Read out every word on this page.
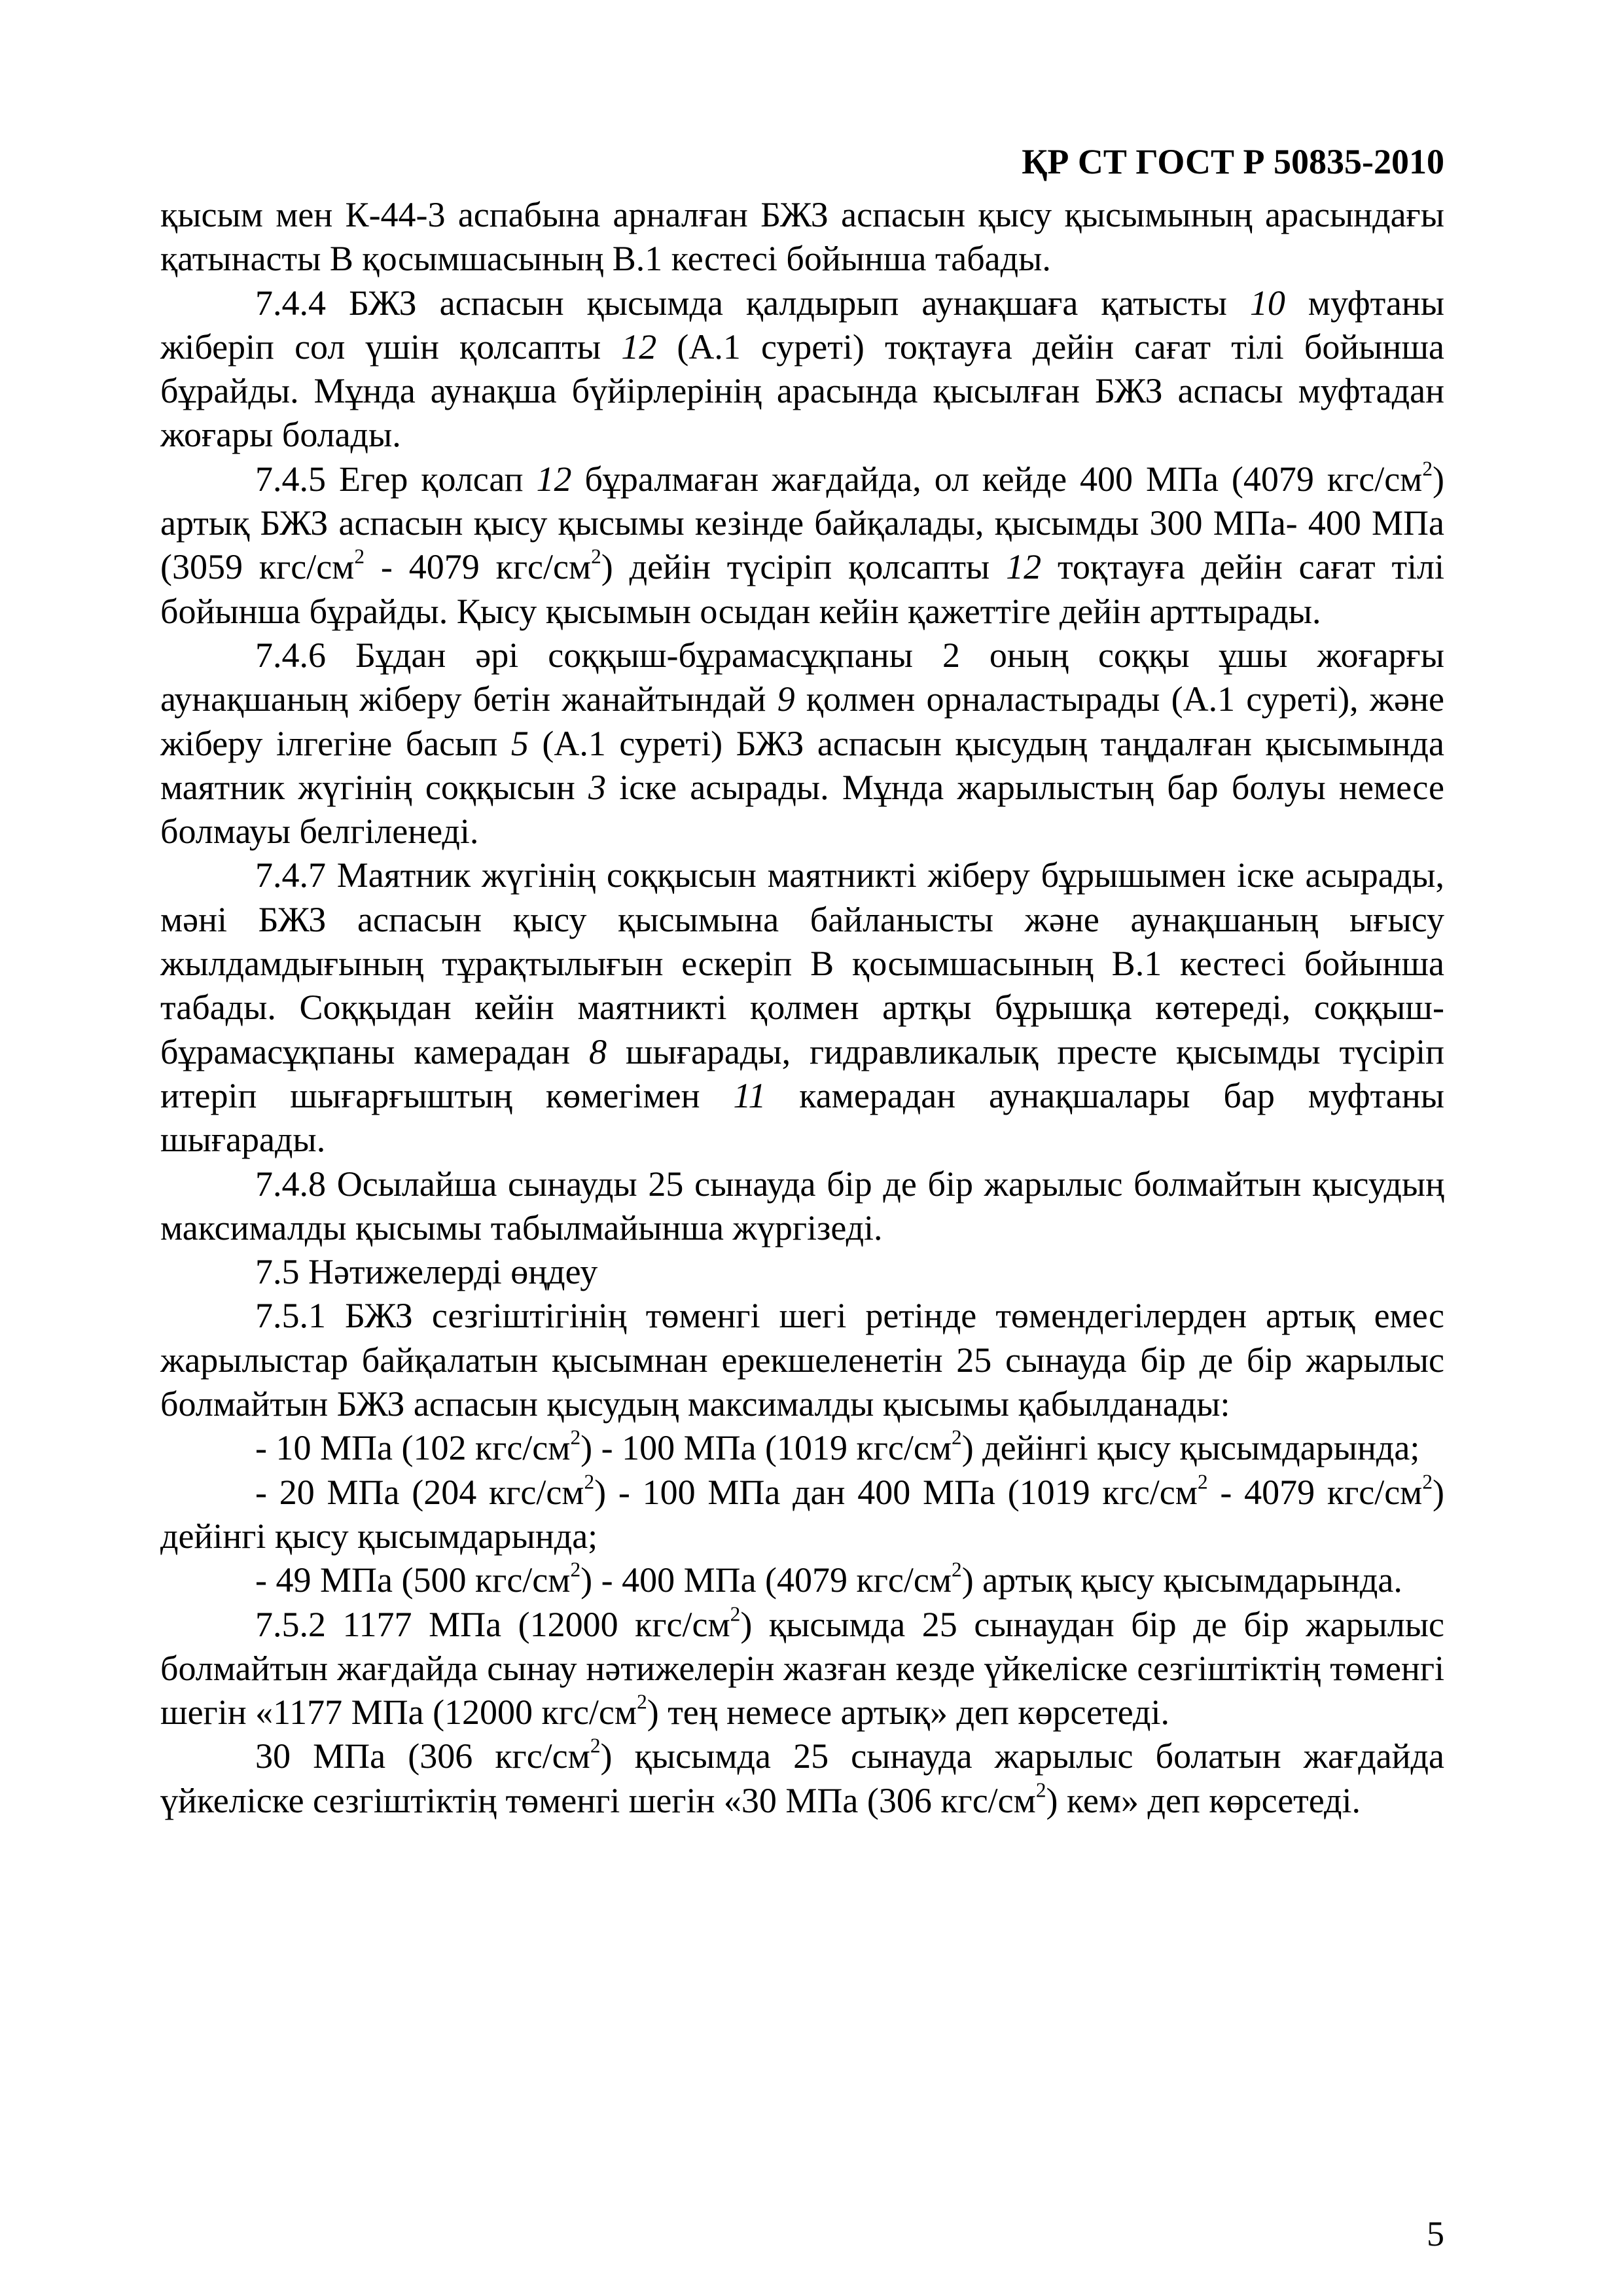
ҚР СТ ГОСТ Р 50835-2010

қысым мен К-44-3 аспабына арналған БЖЗ аспасын қысу қысымының арасындағы қатынасты В қосымшасының В.1 кестесі бойынша табады.

7.4.4 БЖЗ аспасын қысымда қалдырып аунақшаға қатысты 10 муфтаны жіберіп сол үшін қолсапты 12 (А.1 суреті) тоқтауға дейін сағат тілі бойынша бұрайды. Мұнда аунақша бүйірлерінің арасында қысылған БЖЗ аспасы муфтадан жоғары болады.

7.4.5 Егер қолсап 12 бұралмаған жағдайда, ол кейде 400 МПа (4079 кгс/$см^2$) артық БЖЗ аспасын қысу қысымы кезінде байқалады, қысымды 300 МПа- 400 МПа (3059 кгс/$см^2 - 4079$ кгс/$см^2$) дейін түсіріп қолсапты 12 тоқтауға дейін сағат тілі бойынша бұрайды. Қысу қысымын осыдан кейін қажеттіге дейін арттырады.

7.4.6 Бұдан әрі соққыш-бұрамасұқпаны 2 оның соққы ұшы жоғарғы аунақшаның жіберу бетін жанайтындай 9 қолмен орналастырады (А.1 суреті), және жіберу ілгегіне басып 5 (А.1 суреті) БЖЗ аспасын қысудың таңдалған қысымында маятник жүгінің соққысын 3 іске асырады. Мұнда жарылыстың бар болуы немесе болмауы белгіленеді.

7.4.7 Маятник жүгінің соққысын маятникті жіберу бұрышымен іске асырады, мәні БЖЗ аспасын қысу қысымына байланысты және аунақшаның ығысу жылдамдығының тұрақтылығын ескеріп В қосымшасының В.1 кестесі бойынша табады. Соққыдан кейін маятникті қолмен артқы бұрышқа көтереді, соққыш-бұрамасұқпаны камерадан 8 шығарады, гидравликалық престе қысымды түсіріп итеріп шығарғыштың көмегімен 11 камерадан аунақшалары бар муфтаны шығарады.

7.4.8 Осылайша сынауды 25 сынауда бір де бір жарылыс болмайтын қысудың максималды қысымы табылмайынша жүргізеді.

7.5 Нәтижелерді өңдеу

7.5.1 БЖЗ сезгіштігінің төменгі шегі ретінде төмендегілерден артық емес жарылыстар байқалатын қысымнан ерекшеленетін 25 сынауда бір де бір жарылыс болмайтын БЖЗ аспасын қысудың максималды қысымы қабылданады:

- 10 МПа (102 кгс/$см^2) - 100$ МПа (1019 кгс/$см^2$) дейінгі қысу қысымдарында;

- 20 МПа (204 кгс/$см^2) - 100$ МПа дан 400 МПа (1019 кгс/$см^2 - 4079$ кгс/$см^2$) дейінгі қысу қысымдарында;

- 49 МПа (500 кгс/$см^2) - 400$ МПа (4079 кгс/$см^2$) артық қысу қысымдарында.

7.5.2 1177 МПа (12000 кгс/$см^2$) қысымда 25 сынаудан бір де бір жарылыс болмайтын жағдайда сынау нәтижелерін жазған кезде үйкеліске сезгіштіктің төменгі шегін «1177 МПа (12000 кгс/$см^2$) тең немесе артық» деп көрсетеді.

30 МПа (306 кгс/$см^2$) қысымда 25 сынауда жарылыс болатын жағдайда үйкеліске сезгіштіктің төменгі шегін «30 МПа (306 кгс/$см^2$) кем» деп көрсетеді.

5
